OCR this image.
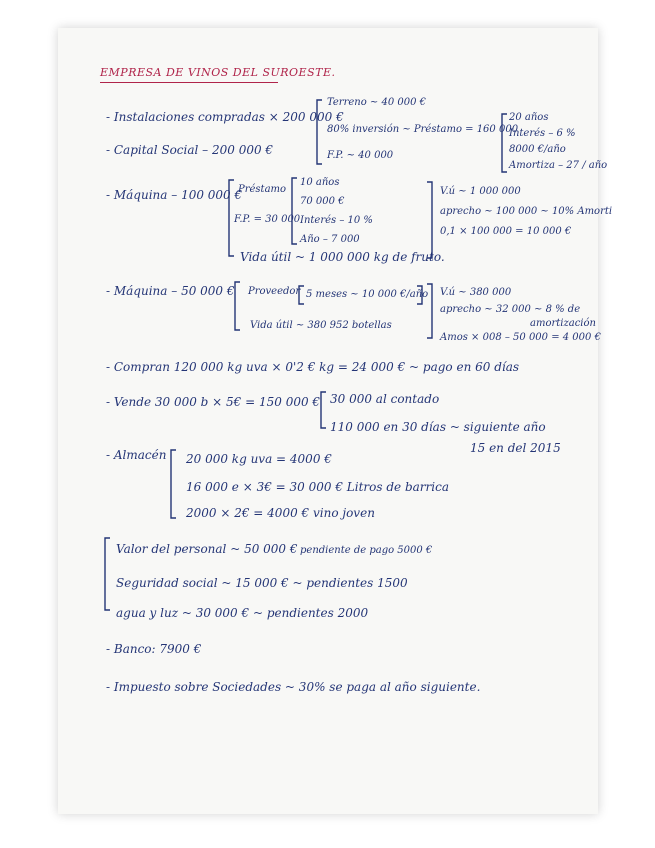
EMPRESA DE VINOS DEL SUROESTE.
- Instalaciones compradas × 200 000 €
Terreno ~ 40 000 €
80% inversión ~ Préstamo = 160 000
F.P. ~ 40 000
20 años
Interés – 6 %
8000 €/año
Amortiza – 27 / año
- Capital Social – 200 000 €
- Máquina – 100 000 €
Préstamo
F.P. = 30 000
10 años
70 000 €
Interés – 10 %
Año – 7 000
Vida útil ~ 1 000 000 kg de fruto.
V.ú ~ 1 000 000
aprecho ~ 100 000 ~ 10% Amorti
0,1 × 100 000 = 10 000 €
- Máquina – 50 000 € Proveedor 5 meses ~ 10 000 €/año
Vida útil ~ 380 952 botellas
V.ú ~ 380 000
aprecho ~ 32 000 ~ 8 % de
amortización
Amos × 008 – 50 000 = 4 000 €
- Compran 120 000 kg uva × 0'2 € kg = 24 000 € ~ pago en 60 días
- Vende 30 000 b × 5€ = 150 000 € 30 000 al contado
110 000 en 30 días ~ siguiente año
15 en del 2015
- Almacén 20 000 kg uva = 4000 €
16 000 e × 3€ = 30 000 € Litros de barrica
2000 × 2€ = 4000 € vino joven
Valor del personal ~ 50 000 € pendiente de pago 5000 €
Seguridad social ~ 15 000 € ~ pendientes 1500
agua y luz ~ 30 000 € ~ pendientes 2000
- Banco: 7900 €
- Impuesto sobre Sociedades ~ 30% se paga al año siguiente.
